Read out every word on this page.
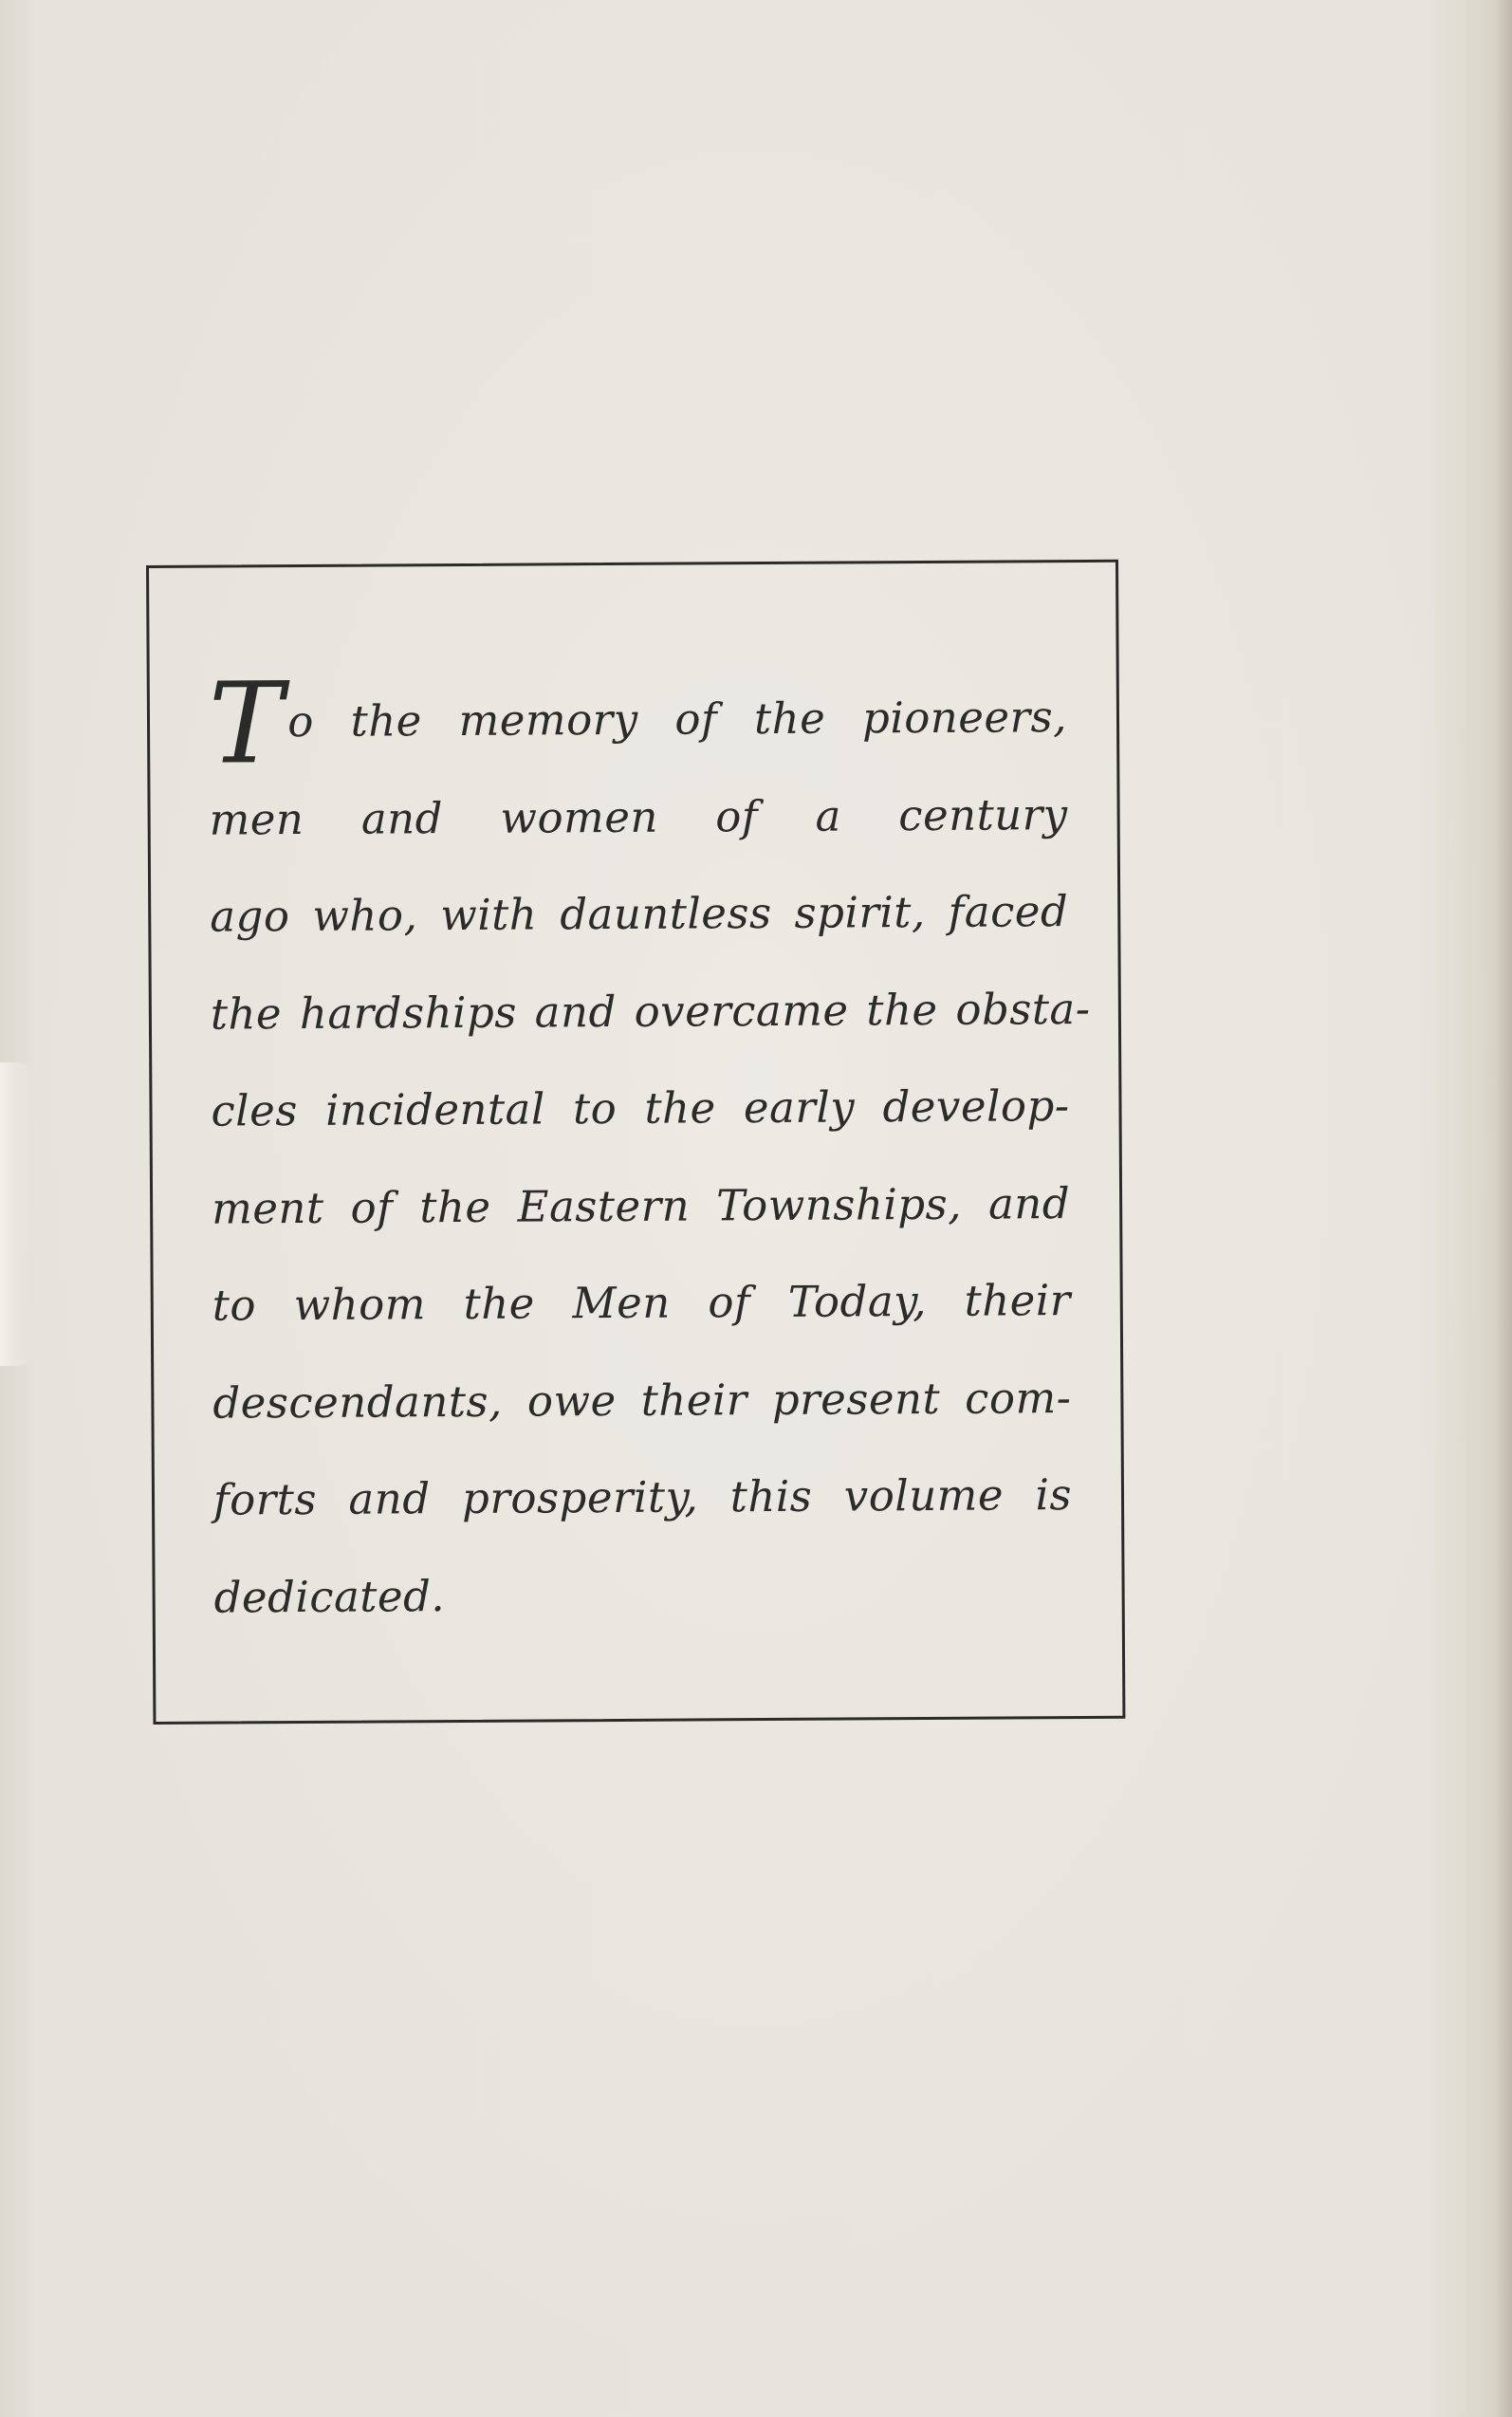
T o the memory of the pioneers,
men and women of a century
ago who, with dauntless spirit, faced
the hardships and overcame the obsta-
cles incidental to the early develop-
ment of the Eastern Townships, and
to whom the Men of Today, their
descendants, owe their present com-
forts and prosperity, this volume is
dedicated.
